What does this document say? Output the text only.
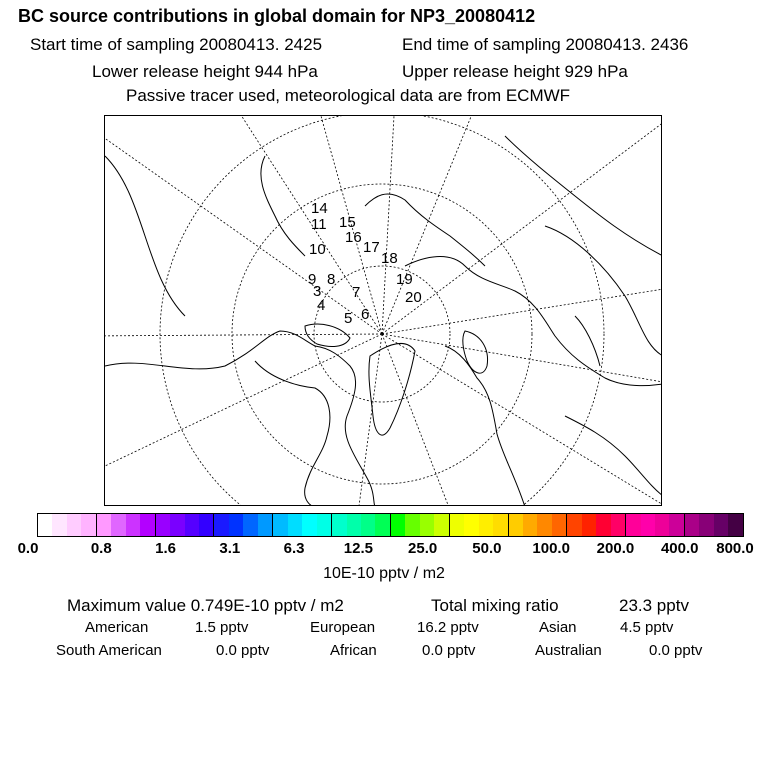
BC source contributions in global domain for NP3_20080412
Start time of sampling 20080413. 2425	End time of sampling 20080413. 2436
Lower release height 944 hPa	Upper release height 929 hPa
Passive tracer used, meteorological data are from ECMWF
14
11 15
16
10 17
18
9 8
7
3
19
20
4
5 6
0.0	0.8	1.6	3.1	6.3	12.5 25.0 50.0 100.0 200.0 400.0 800.0
10E-10 pptv / m2
Maximum value 0.749E-10 pptv / m2	Total mixing ratio	23.3 pptv
American	1.5 pptv	European	16.2 pptv	Asian	4.5 pptv
South American	0.0 pptv	African	0.0 pptv	Australian	0.0 pptv
